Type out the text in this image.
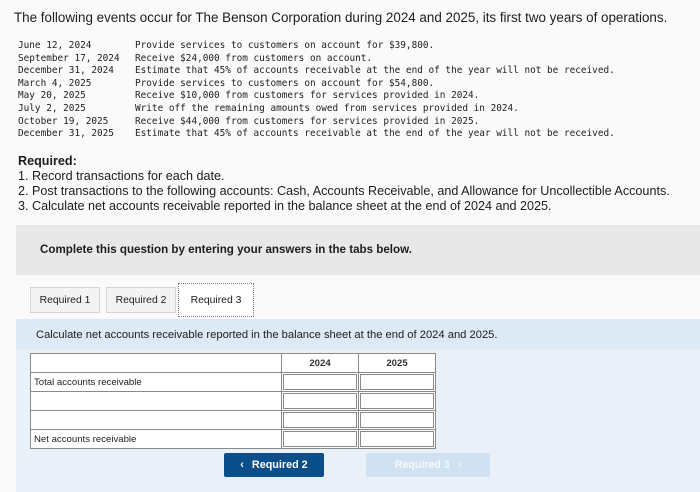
The following events occur for The Benson Corporation during 2024 and 2025, its first two years of operations.
June 12, 2024	Provide services to customers on account for $39,800.
September 17, 2024	Receive $24,000 from customers on account.
December 31, 2024	Estimate that 45% of accounts receivable at the end of the year will not be received.
March 4, 2025	Provide services to customers on account for $54,800.
May 20, 2025	Receive $10,000 from customers for services provided in 2024.
July 2, 2025	Write off the remaining amounts owed from services provided in 2024.
October 19, 2025	Receive $44,000 from customers for services provided in 2025.
December 31, 2025	Estimate that 45% of accounts receivable at the end of the year will not be received.
Required:
1. Record transactions for each date.
2. Post transactions to the following accounts: Cash, Accounts Receivable, and Allowance for Uncollectible Accounts.
3. Calculate net accounts receivable reported in the balance sheet at the end of 2024 and 2025.
Complete this question by entering your answers in the tabs below.
Calculate net accounts receivable reported in the balance sheet at the end of 2024 and 2025.
Required 1	Required 2	Required 3
	2024	2025
Total accounts receivable	

Net accounts receivable	

‹ Required 2	Required 3 ›
